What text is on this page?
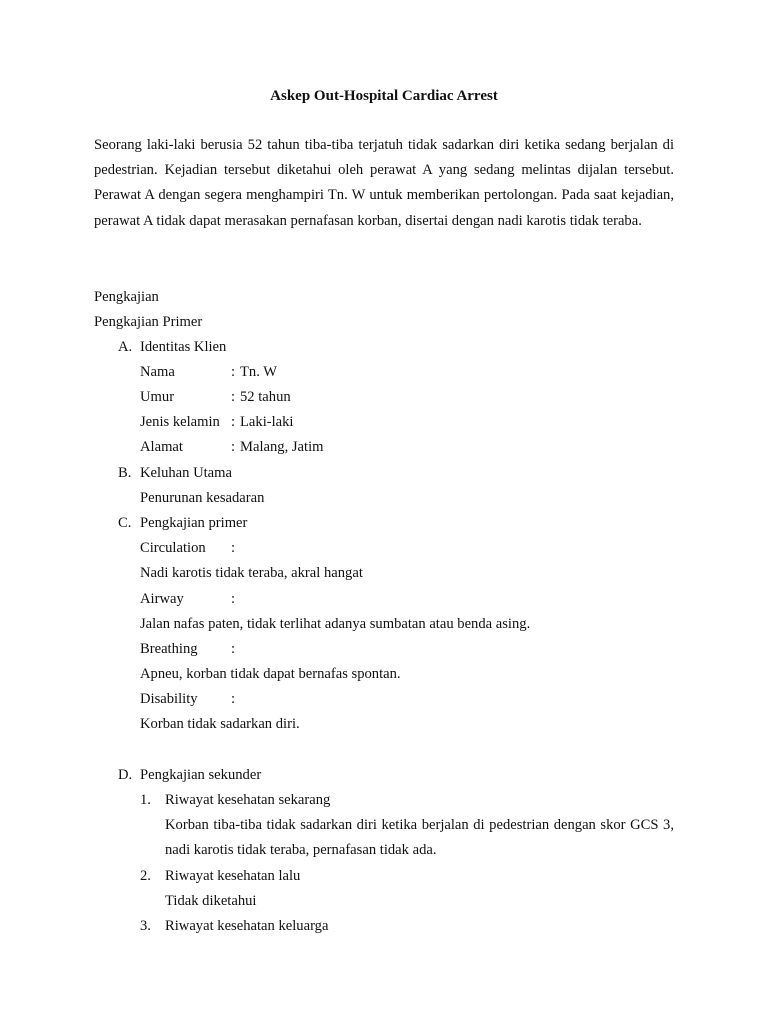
Askep Out-Hospital Cardiac Arrest
Seorang laki-laki berusia 52 tahun tiba-tiba terjatuh tidak sadarkan diri ketika sedang berjalan di pedestrian. Kejadian tersebut diketahui oleh perawat A yang sedang melintas dijalan tersebut. Perawat A dengan segera menghampiri Tn. W untuk memberikan pertolongan. Pada saat kejadian, perawat A tidak dapat merasakan pernafasan korban, disertai dengan nadi karotis tidak teraba.
Pengkajian
Pengkajian Primer
A. Identitas Klien
Nama	: Tn. W
Umur	: 52 tahun
Jenis kelamin : Laki-laki
Alamat	: Malang, Jatim
B. Keluhan Utama
Penurunan kesadaran
C. Pengkajian primer
Circulation :
Nadi karotis tidak teraba, akral hangat
Airway	:
Jalan nafas paten, tidak terlihat adanya sumbatan atau benda asing.
Breathing :
Apneu, korban tidak dapat bernafas spontan.
Disability :
Korban tidak sadarkan diri.
D. Pengkajian sekunder
1. Riwayat kesehatan sekarang
Korban tiba-tiba tidak sadarkan diri ketika berjalan di pedestrian dengan skor GCS 3, nadi karotis tidak teraba, pernafasan tidak ada.
2. Riwayat kesehatan lalu
Tidak diketahui
3. Riwayat kesehatan keluarga
